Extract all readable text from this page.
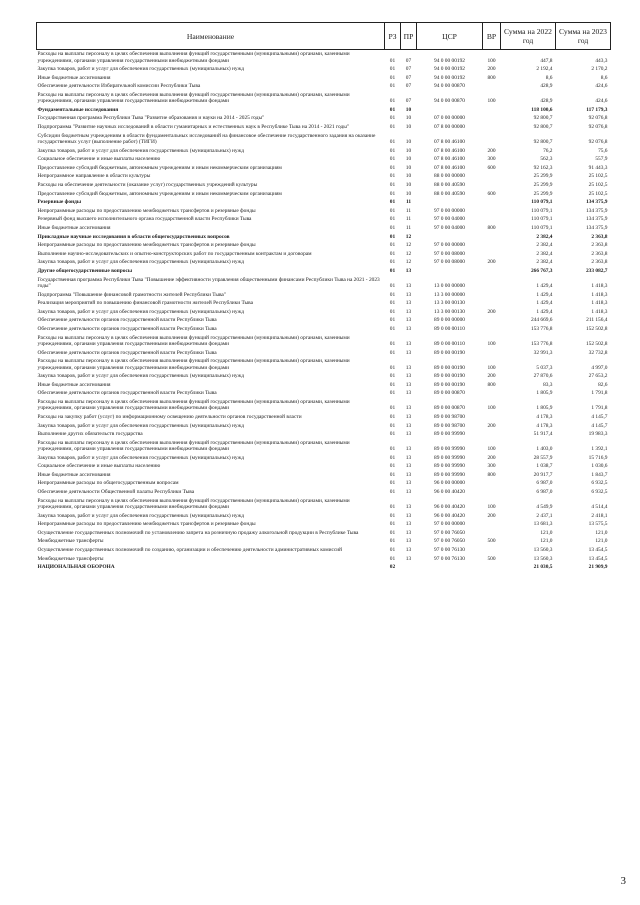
Наименование	РЗ	ПР	ЦСР	ВР	Сумма на 2022 год	Сумма на 2023 год
Расходы на выплаты персоналу в целях обеспечения выполнения функций государственными (муниципальными) органами, казенными учреждениями, органами управления государственными внебюджетными фондами	01	07	94 0 00 00192	100	447,8	443,3
Закупка товаров, работ и услуг для обеспечения государственных (муниципальных) нужд	01	07	94 0 00 00192	200	2 192,4	2 170,2
Иные бюджетные ассигнования	01	07	94 0 00 00192	800	8,6	8,6
Обеспечение деятельности Избирательной комиссии Республики Тыва	01	07	94 0 00 00870		428,9	424,6
Расходы на выплаты персоналу в целях обеспечения выполнения функций государственными (муниципальными) органами, казенными учреждениями, органами управления государственными внебюджетными фондами	01	07	94 0 00 00870	100	428,9	424,6
Фундаментальные исследования	01	10			118 100,6	117 179,3
Государственная программа Республики Тыва "Развитие образования и науки на 2014 - 2025 годы"	01	10	07 0 00 00000		92 800,7	92 076,8
Подпрограмма "Развитие научных исследований в области гуманитарных и естественных наук в Республике Тыва на 2014 - 2021 годы"	01	10	07 8 00 00000		92 800,7	92 076,8
Субсидии бюджетным учреждениям в области фундаментальных исследований на финансовое обеспечение государственного задания на оказание государственных услуг (выполнение работ) (ТИГИ)	01	10	07 8 00 46100		92 800,7	92 076,8
Закупка товаров, работ и услуг для обеспечения государственных (муниципальных) нужд	01	10	07 8 00 46100	200	76,2	75,6
Социальное обеспечение и иные выплаты населению	01	10	07 8 00 46100	300	562,3	557,9
Предоставление субсидий бюджетным, автономным учреждениям и иным некоммерческим организациям	01	10	07 8 00 46100	600	92 162,3	91 443,3
Непрограммное направление в области культуры	01	10	88 0 00 00000		25 299,9	25 102,5
Расходы на обеспечение деятельности (оказание услуг) государственных учреждений культуры	01	10	88 0 00 40590		25 299,9	25 102,5
Предоставление субсидий бюджетным, автономным учреждениям и иным некоммерческим организациям	01	10	88 0 00 40590	600	25 299,9	25 102,5
Резервные фонды	01	11			110 079,1	134 375,9
Непрограммные расходы по предоставлению межбюджетных трансфертов и резервные фонды	01	11	97 0 00 00000		110 079,1	134 375,9
Резервный фонд высшего исполнительного органа государственной власти Республики Тыва	01	11	97 0 00 04000		110 079,1	134 375,9
Иные бюджетные ассигнования	01	11	97 0 00 04000	800	110 079,1	134 375,9
Прикладные научные исследования в области общегосударственных вопросов	01	12			2 382,4	2 363,8
Непрограммные расходы по предоставлению межбюджетных трансфертов и резервные фонды	01	12	97 0 00 00000		2 382,4	2 363,8
Выполнение научно-исследовательских и опытно-конструкторских работ по государственным контрактам и договорам	01	12	97 0 00 08000		2 382,4	2 363,8
Закупка товаров, работ и услуг для обеспечения государственных (муниципальных) нужд	01	12	97 0 00 08000	200	2 382,4	2 363,8
Другие общегосударственные вопросы	01	13			266 767,3	233 082,7
Государственная программа Республики Тыва "Повышение эффективности управления общественными финансами Республики Тыва на 2021 - 2023 годы"	01	13	13 0 00 00000		1 429,4	1 418,3
Подпрограмма "Повышение финансовой грамотности жителей Республики Тыва"	01	13	13 3 00 00000		1 429,4	1 418,3
Реализация мероприятий по повышению финансовой грамотности жителей Республики Тыва	01	13	13 3 00 00130		1 429,4	1 418,3
Закупка товаров, работ и услуг для обеспечения государственных (муниципальных) нужд	01	13	13 3 00 00130	200	1 429,4	1 418,3
Обеспечение деятельности органов государственной власти Республики Тыва	01	13	89 0 00 00000		244 669,6	211 156,4
Обеспечение деятельности органов государственной власти Республики Тыва	01	13	89 0 00 00110		153 776,8	152 502,8
Расходы на выплаты персоналу в целях обеспечения выполнения функций государственными (муниципальными) органами, казенными учреждениями, органами управления государственными внебюджетными фондами	01	13	89 0 00 00110	100	153 776,8	152 502,8
Обеспечение деятельности органов государственной власти Республики Тыва	01	13	89 0 00 00190		32 991,3	32 732,8
Расходы на выплаты персоналу в целях обеспечения выполнения функций государственными (муниципальными) органами, казенными учреждениями, органами управления государственными внебюджетными фондами	01	13	89 0 00 00190	100	5 037,3	4 997,0
Закупка товаров, работ и услуг для обеспечения государственных (муниципальных) нужд	01	13	89 0 00 00190	200	27 870,6	27 653,2
Иные бюджетные ассигнования	01	13	89 0 00 00190	800	83,3	82,6
Обеспечение деятельности органов государственной власти Республики Тыва	01	13	89 0 00 00870		1 805,9	1 791,8
Расходы на выплаты персоналу в целях обеспечения выполнения функций государственными (муниципальными) органами, казенными учреждениями, органами управления государственными внебюджетными фондами	01	13	89 0 00 00870	100	1 805,9	1 791,8
Расходы на закупку работ (услуг) по информационному освещению деятельности органов государственной власти	01	13	89 0 00 98700		4 178,3	4 145,7
Закупка товаров, работ и услуг для обеспечения государственных (муниципальных) нужд	01	13	89 0 00 98700	200	4 178,3	4 145,7
Выполнение других обязательств государства	01	13	89 0 00 99990		51 917,4	19 983,3
Расходы на выплаты персоналу в целях обеспечения выполнения функций государственными (муниципальными) органами, казенными учреждениями, органами управления государственными внебюджетными фондами	01	13	89 0 00 99990	100	1 403,0	1 392,1
Закупка товаров, работ и услуг для обеспечения государственных (муниципальных) нужд	01	13	89 0 00 99990	200	28 557,9	15 716,9
Социальное обеспечение и иные выплаты населению	01	13	89 0 00 99990	300	1 038,7	1 030,6
Иные бюджетные ассигнования	01	13	89 0 00 99990	800	20 917,7	1 843,7
Непрограммные расходы по общегосударственным вопросам	01	13	96 0 00 00000		6 987,0	6 932,5
Обеспечение деятельности Общественной палаты Республики Тыва	01	13	96 0 00 40420		6 987,0	6 932,5
Расходы на выплаты персоналу в целях обеспечения выполнения функций государственными (муниципальными) органами, казенными учреждениями, органами управления государственными внебюджетными фондами	01	13	96 0 00 40420	100	4 549,9	4 514,4
Закупка товаров, работ и услуг для обеспечения государственных (муниципальных) нужд	01	13	96 0 00 40420	200	2 437,1	2 418,1
Непрограммные расходы по предоставлению межбюджетных трансфертов и резервные фонды	01	13	97 0 00 00000		13 681,3	13 575,5
Осуществление государственных полномочий по установлению запрета на розничную продажу алкогольной продукции в Республике Тыва	01	13	97 0 00 76050		121,0	121,0
Межбюджетные трансферты	01	13	97 0 00 76050	500	121,0	121,0
Осуществление государственных полномочий по созданию, организации и обеспечению деятельности административных комиссий	01	13	97 0 00 76130		13 560,3	13 454,5
Межбюджетные трансферты	01	13	97 0 00 76130	500	13 560,3	13 454,5
НАЦИОНАЛЬНАЯ ОБОРОНА	02				21 030,5	21 909,9
3
